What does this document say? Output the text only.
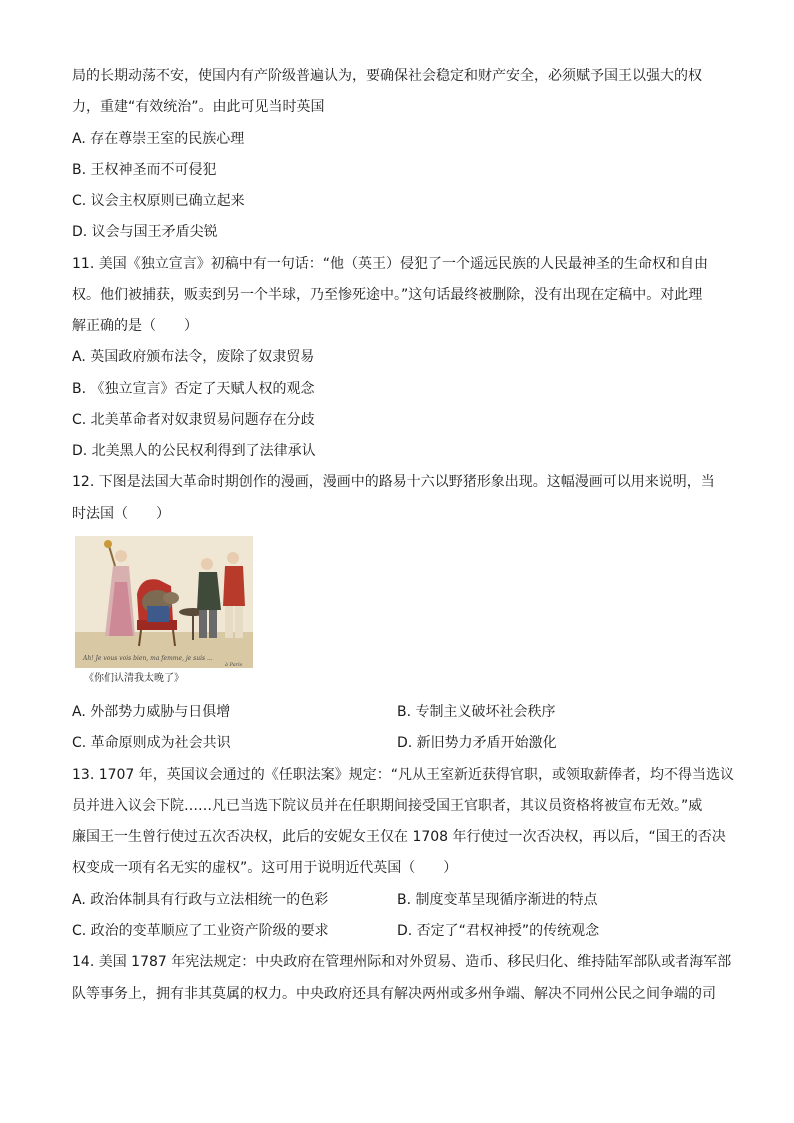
局的长期动荡不安，使国内有产阶级普遍认为，要确保社会稳定和财产安全，必须赋予国王以强大的权
力，重建“有效统治”。由此可见当时英国
A. 存在尊崇王室的民族心理
B. 王权神圣而不可侵犯
C. 议会主权原则已确立起来
D. 议会与国王矛盾尖锐
11. 美国《独立宣言》初稿中有一句话：“他（英王）侵犯了一个遥远民族的人民最神圣的生命权和自由
权。他们被捕获，贩卖到另一个半球，乃至惨死途中。”这句话最终被删除，没有出现在定稿中。对此理
解正确的是（　　）
A. 英国政府颁布法令，废除了奴隶贸易
B. 《独立宣言》否定了天赋人权的观念
C. 北美革命者对奴隶贸易问题存在分歧
D. 北美黑人的公民权利得到了法律承认
12. 下图是法国大革命时期创作的漫画，漫画中的路易十六以野猪形象出现。这幅漫画可以用来说明，当
时法国（　　）
Ah! Je vous vois bien, ma femme, je suis ...
à Paris
《你们认清我太晚了》
A. 外部势力威胁与日俱增	B. 专制主义破坏社会秩序
C. 革命原则成为社会共识	D. 新旧势力矛盾开始激化
13. 1707 年，英国议会通过的《任职法案》规定：“凡从王室新近获得官职，或领取薪俸者，均不得当选议
员并进入议会下院……凡已当选下院议员并在任职期间接受国王官职者，其议员资格将被宣布无效。”威
廉国王一生曾行使过五次否决权，此后的安妮女王仅在 1708 年行使过一次否决权，再以后，“国王的否决
权变成一项有名无实的虚权”。这可用于说明近代英国（　　）
A. 政治体制具有行政与立法相统一的色彩	B. 制度变革呈现循序渐进的特点
C. 政治的变革顺应了工业资产阶级的要求	D. 否定了“君权神授”的传统观念
14. 美国 1787 年宪法规定：中央政府在管理州际和对外贸易、造币、移民归化、维持陆军部队或者海军部
队等事务上，拥有非其莫属的权力。中央政府还具有解决两州或多州争端、解决不同州公民之间争端的司
